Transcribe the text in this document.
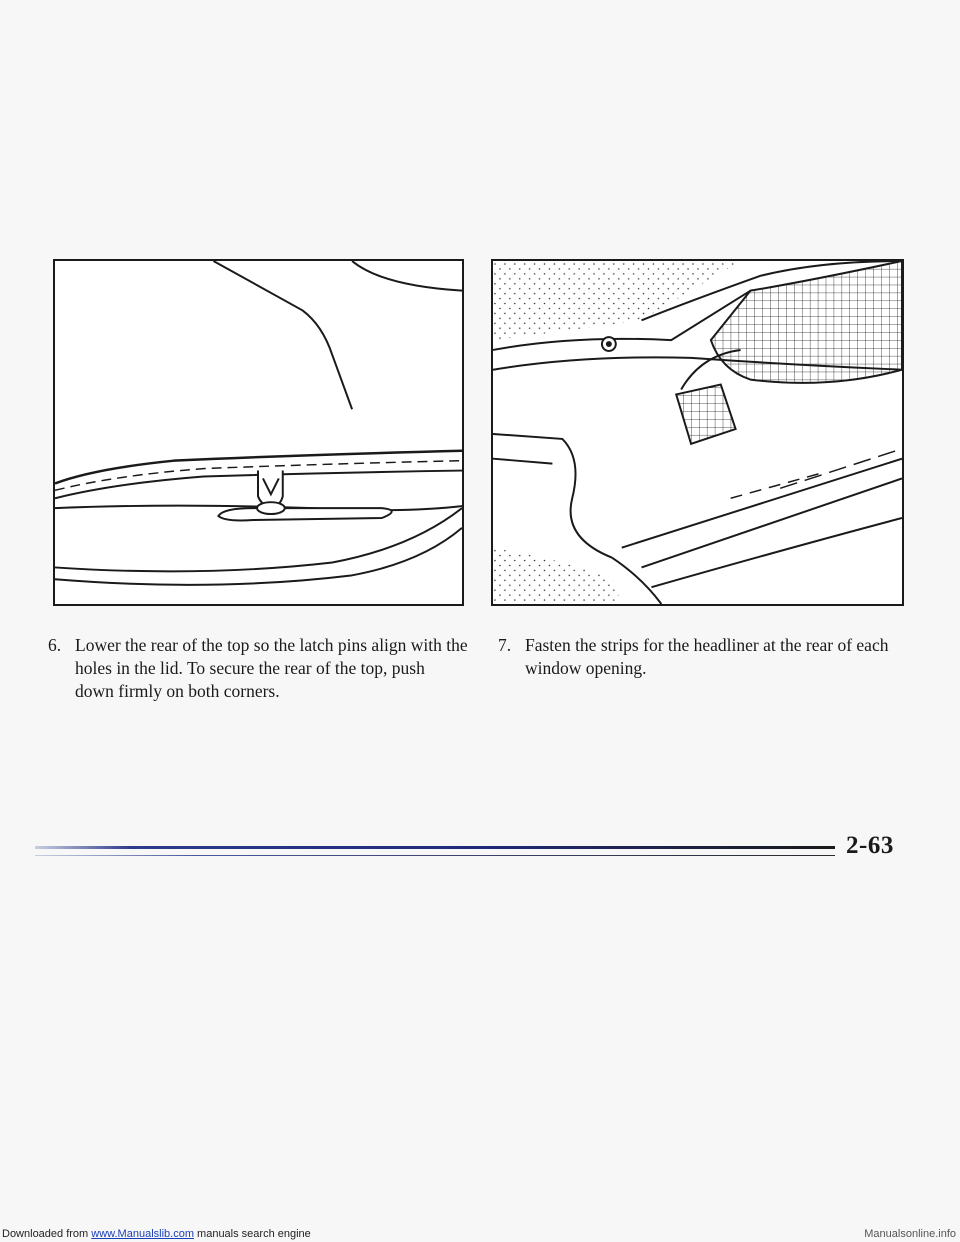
6. Lower the rear of the top so the latch pins align with the holes in the lid. To secure the rear of the top, push down firmly on both corners.
7. Fasten the strips for the headliner at the rear of each window opening.
2-63
Downloaded from www.Manualslib.com manuals search engine	Manualsonline.info
